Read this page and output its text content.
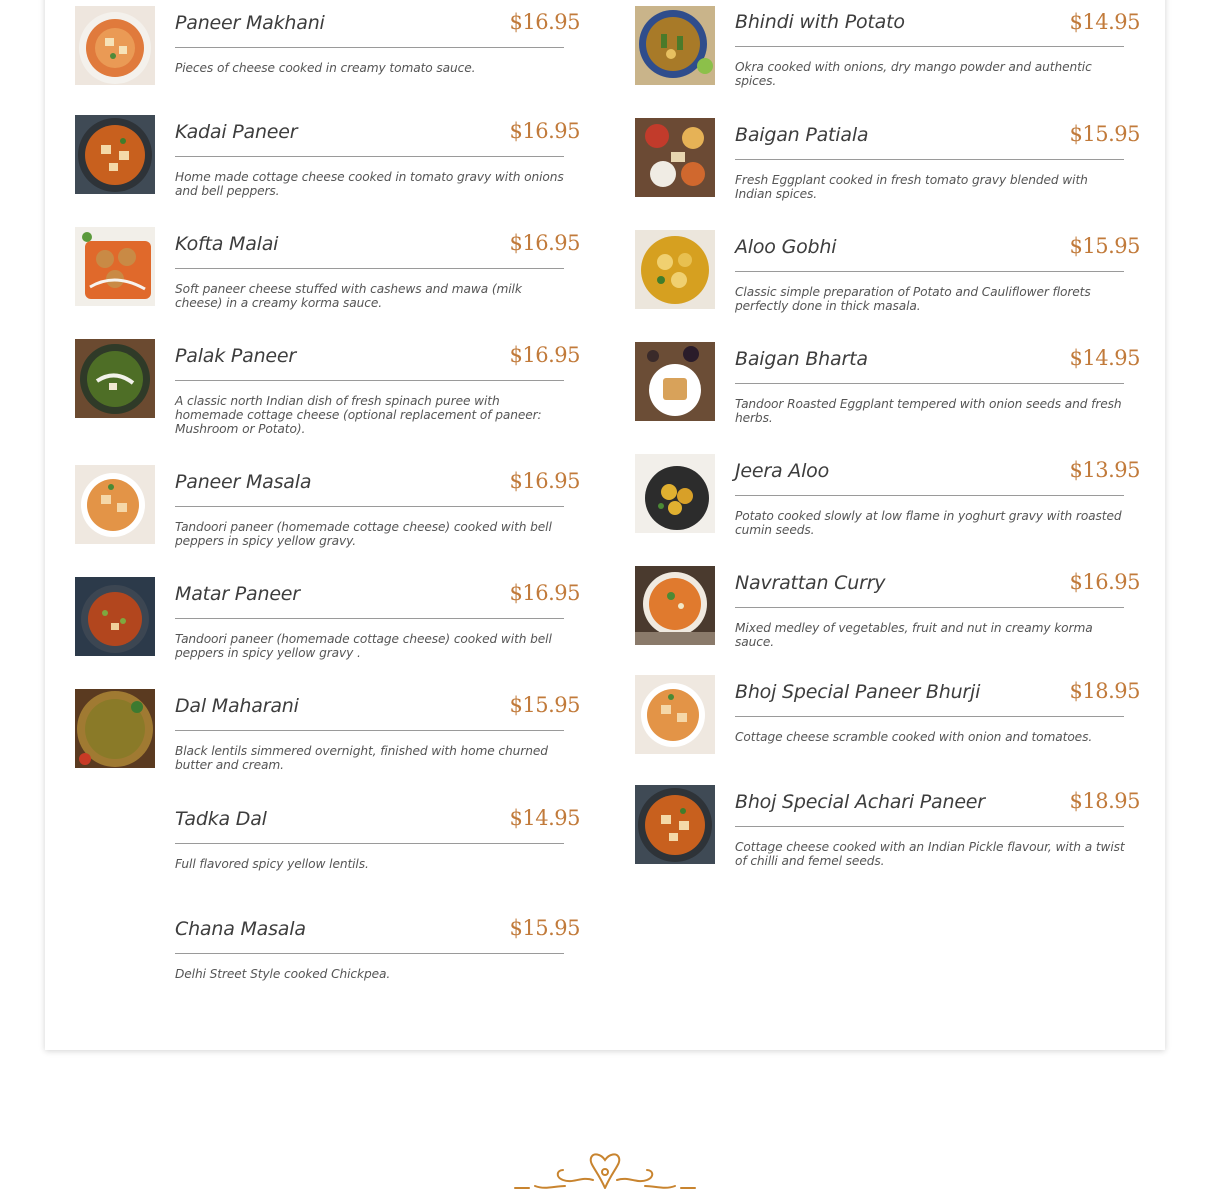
Paneer Makhani	$16.95

Pieces of cheese cooked in creamy tomato sauce.

Kadai Paneer	$16.95

Home made cottage cheese cooked in tomato gravy with onions and bell peppers.

Kofta Malai	$16.95

Soft paneer cheese stuffed with cashews and mawa (milk cheese) in a creamy korma sauce.

Palak Paneer	$16.95

A classic north Indian dish of fresh spinach puree with homemade cottage cheese (optional replacement of paneer: Mushroom or Potato).

Paneer Masala	$16.95

Tandoori paneer (homemade cottage cheese) cooked with bell peppers in spicy yellow gravy.

Matar Paneer	$16.95

Tandoori paneer (homemade cottage cheese) cooked with bell peppers in spicy yellow gravy .

Dal Maharani	$15.95

Black lentils simmered overnight, finished with home churned butter and cream.

Tadka Dal	$14.95

Full flavored spicy yellow lentils.

Chana Masala	$15.95

Delhi Street Style cooked Chickpea.

Bhindi with Potato	$14.95

Okra cooked with onions, dry mango powder and authentic spices.

Baigan Patiala	$15.95

Fresh Eggplant cooked in fresh tomato gravy blended with Indian spices.

Aloo Gobhi	$15.95

Classic simple preparation of Potato and Cauliflower florets perfectly done in thick masala.

Baigan Bharta	$14.95

Tandoor Roasted Eggplant tempered with onion seeds and fresh herbs.

Jeera Aloo	$13.95

Potato cooked slowly at low flame in yoghurt gravy with roasted cumin seeds.

Navrattan Curry	$16.95

Mixed medley of vegetables, fruit and nut in creamy korma sauce.

Bhoj Special Paneer Bhurji	$18.95

Cottage cheese scramble cooked with onion and tomatoes.

Bhoj Special Achari Paneer	$18.95

Cottage cheese cooked with an Indian Pickle flavour, with a twist of chilli and femel seeds.
